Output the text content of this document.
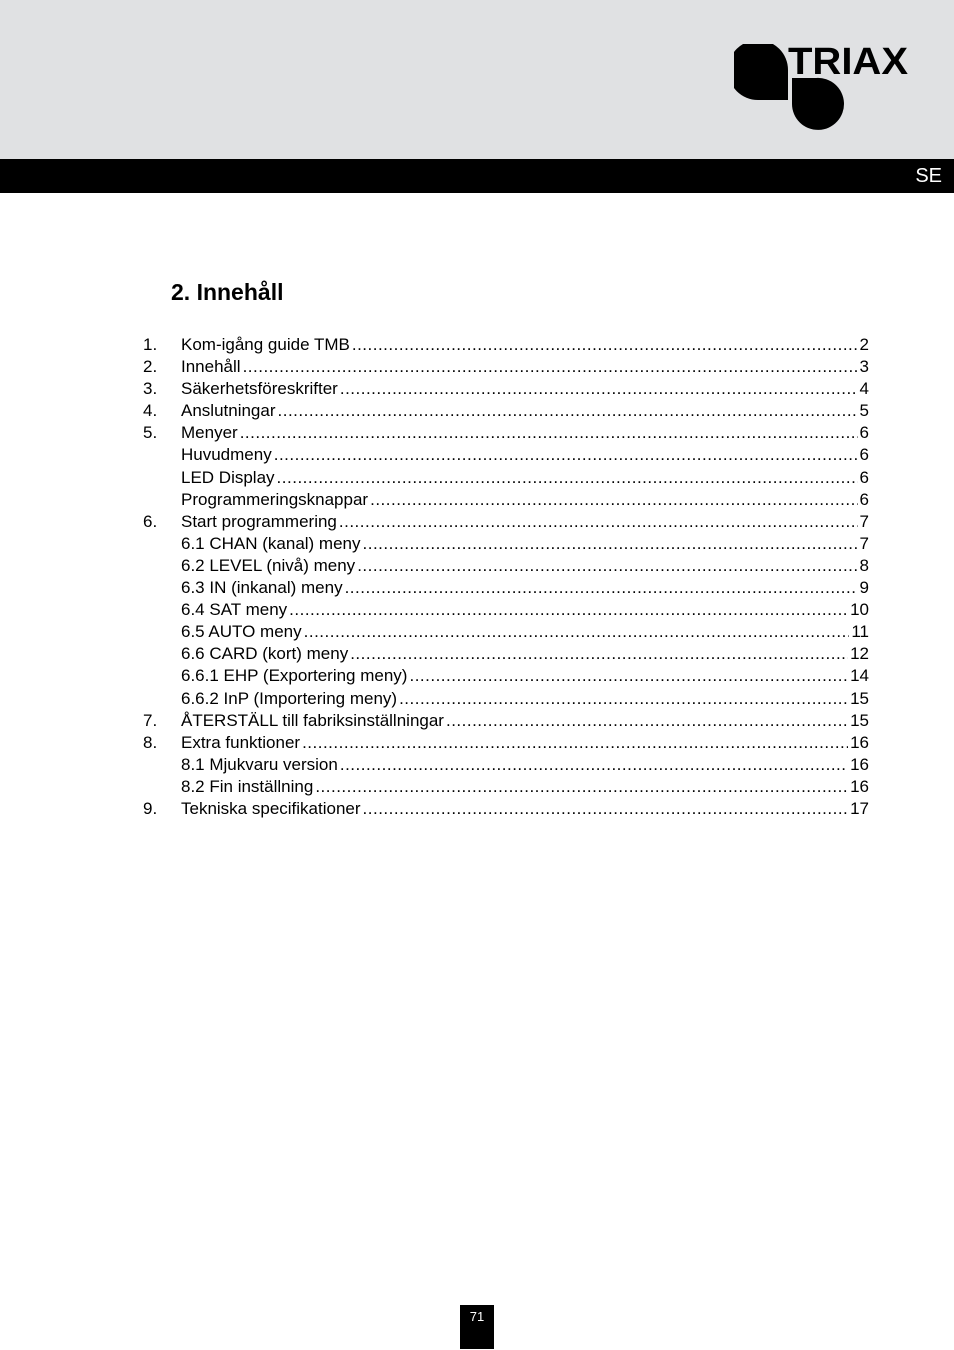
TRIAX
SE
2. Innehåll
1.	Kom-igång guide TMB .....	2
2.	Innehåll .....	3
3.	Säkerhetsföreskrifter .....	4
4.	Anslutningar .....	5
5.	Menyer .....	6
Huvudmeny .....	6
LED Display .....	6
Programmeringsknappar .....	6
6.	Start programmering .....	7
6.1 CHAN (kanal) meny .....	7
6.2 LEVEL (nivå) meny .....	8
6.3 IN (inkanal) meny .....	9
6.4 SAT meny .....	10
6.5 AUTO meny .....	11
6.6 CARD (kort) meny .....	12
6.6.1 EHP (Exportering meny) .....	14
6.6.2 InP (Importering meny) .....	15
7.	ÅTERSTÄLL till fabriksinställningar .....	15
8.	Extra funktioner .....	16
8.1 Mjukvaru version .....	16
8.2 Fin inställning .....	16
9.	Tekniska specifikationer .....	17
71
